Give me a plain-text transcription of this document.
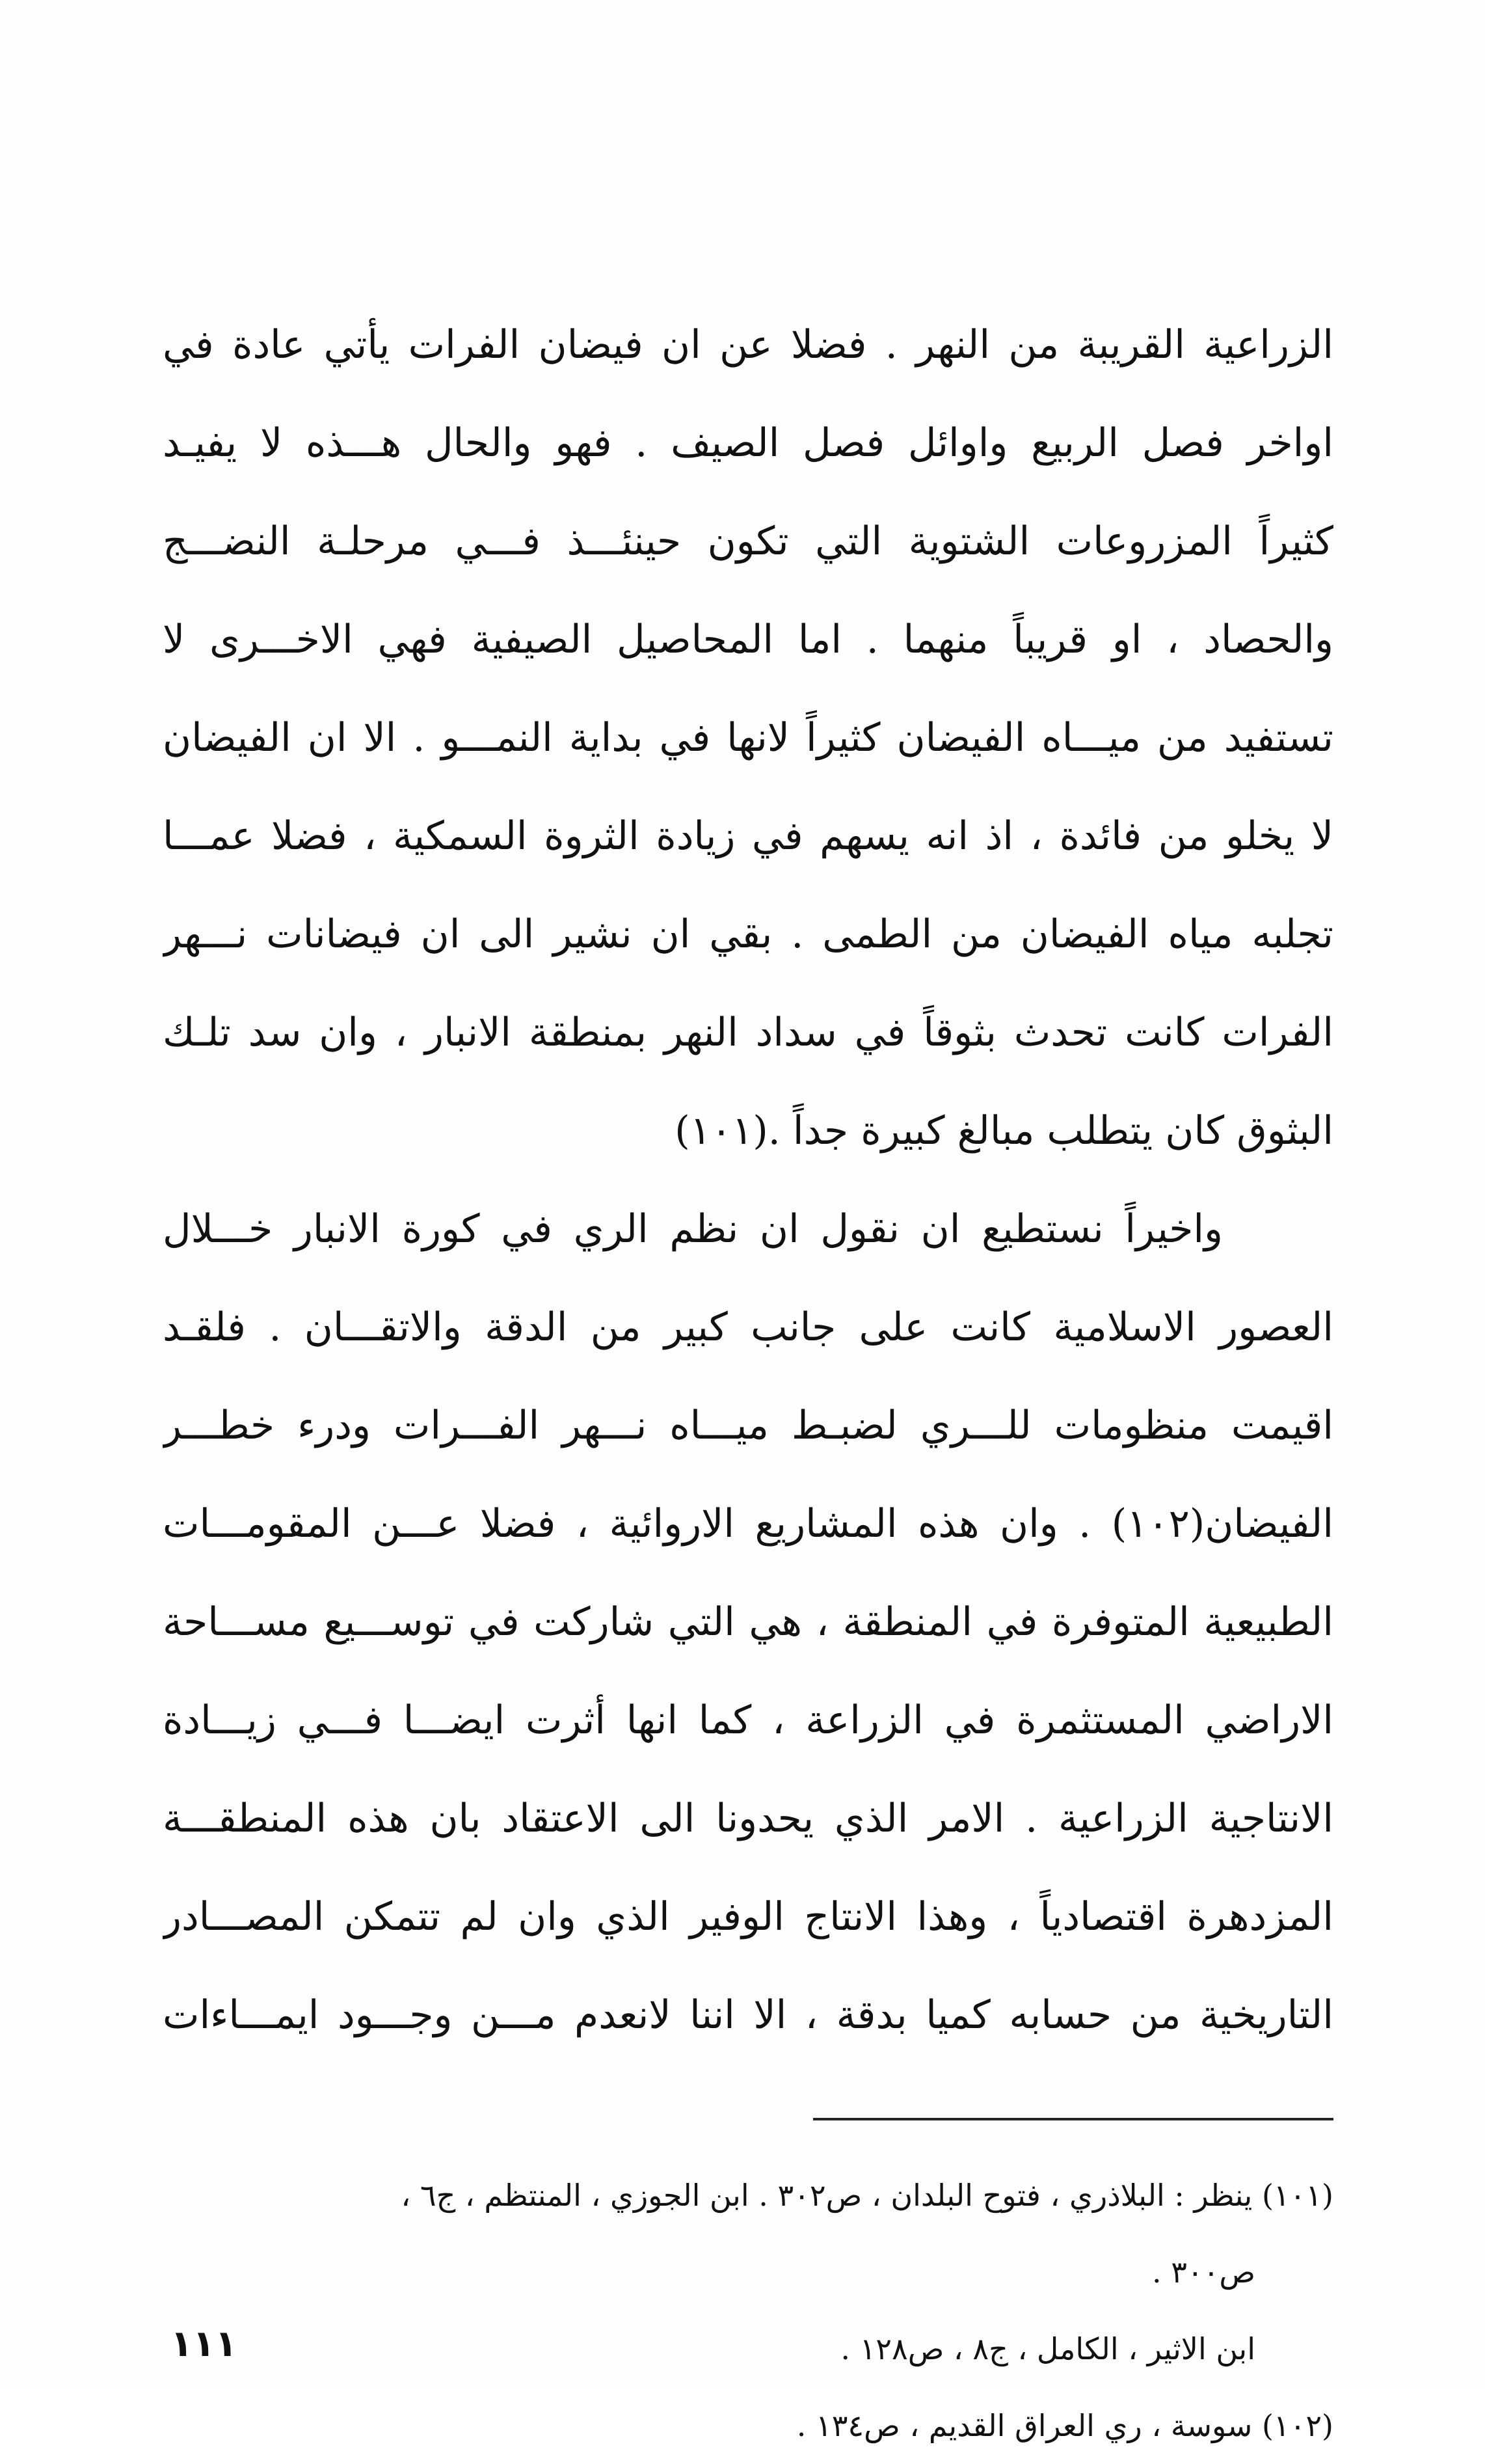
الزراعية القريبة من النهر . فضلا عن ان فيضان الفرات يأتي عادة في
اواخر فصل الربيع واوائل فصل الصيف . فهو والحال هـــذه لا يفيـد
كثيراً المزروعات الشتوية التي تكون حينئـــذ فـــي مرحلـة النضـــج
والحصاد ، او قريباً منهما . اما المحاصيل الصيفية فهي الاخـــرى لا
تستفيد من ميـــاه الفيضان كثيراً لانها في بداية النمـــو . الا ان الفيضان
لا يخلو من فائدة ، اذ انه يسهم في زيادة الثروة السمكية ، فضلا عمـــا
تجلبه مياه الفيضان من الطمى . بقي ان نشير الى ان فيضانات نـــهر
الفرات كانت تحدث بثوقاً في سداد النهر بمنطقة الانبار ، وان سد تلـك
البثوق كان يتطلب مبالغ كبيرة جداً .(١٠١)
واخيراً نستطيع ان نقول ان نظم الري في كورة الانبار خـــلال
العصور الاسلامية كانت على جانب كبير من الدقة والاتقـــان . فلقـد
اقيمت منظومات للـــري لضبـط ميـــاه نـــهر الفـــرات ودرء خطـــر
الفيضان(١٠٢) . وان هذه المشاريع الاروائية ، فضلا عـــن المقومـــات
الطبيعية المتوفرة في المنطقة ، هي التي شاركت في توســـيع مســـاحة
الاراضي المستثمرة في الزراعة ، كما انها أثرت ايضـــا فـــي زيـــادة
الانتاجية الزراعية . الامر الذي يحدونا الى الاعتقاد بان هذه المنطقـــة
المزدهرة اقتصادياً ، وهذا الانتاج الوفير الذي وان لم تتمكن المصـــادر
التاريخية من حسابه كميا بدقة ، الا اننا لانعدم مـــن وجـــود ايمـــاءات
(١٠١) ينظر : البلاذري ، فتوح البلدان ، ص٣٠٢ . ابن الجوزي ، المنتظم ، ج٦ ،
ص٣٠٠ .
ابن الاثير ، الكامل ، ج٨ ، ص١٢٨ .
(١٠٢) سوسة ، ري العراق القديم ، ص١٣٤ .
١١١
